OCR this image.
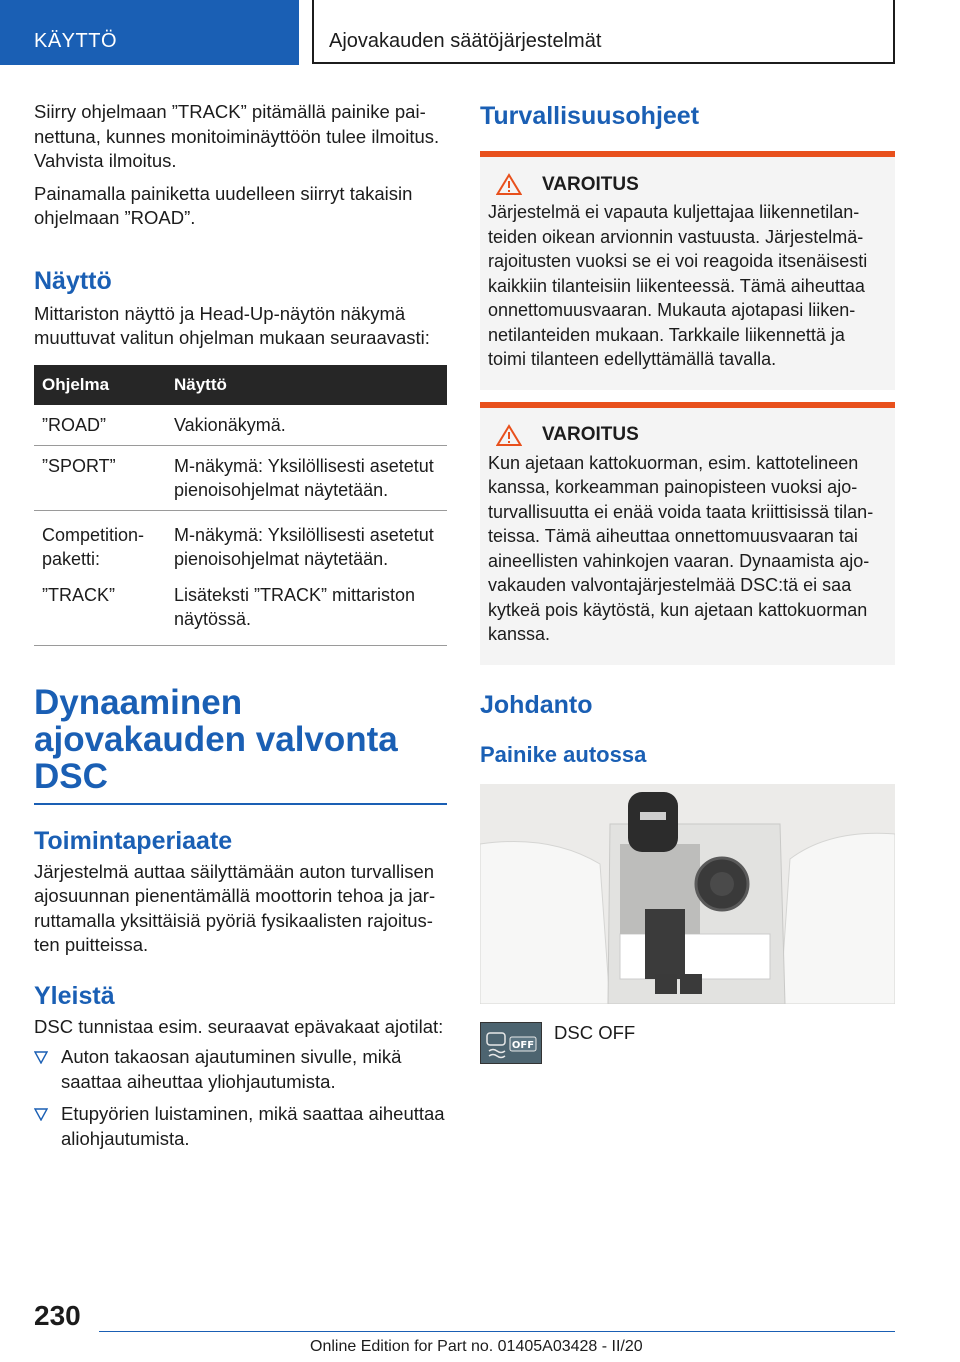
KÄYTTÖ	Ajovakauden säätöjärjestelmät

Siirry ohjelmaan ”TRACK” pitämällä painike painettuna, kunnes monitoiminäyttöön tulee ilmoitus. Vahvista ilmoitus.

Painamalla painiketta uudelleen siirryt takaisin ohjelmaan ”ROAD”.

Näyttö

Mittariston näyttö ja Head-Up-näytön näkymä muuttuvat valitun ohjelman mukaan seuraavasti:

Ohjelma	Näyttö
”ROAD”	Vakionäkymä.
”SPORT”	M-näkymä: Yksilöllisesti asetetut pienoisohjelmat näytetään.
Competition-paketti:	M-näkymä: Yksilöllisesti asetetut pienoisohjelmat näytetään.
”TRACK”	Lisäteksti ”TRACK” mittariston näytössä.
Dynaaminen ajovakauden valvonta DSC
Toimintaperiaate

Järjestelmä auttaa säilyttämään auton turvallisen ajosuunnan pienentämällä moottorin tehoa ja jarruttamalla yksittäisiä pyöriä fysikaalisten rajoitusten puitteissa.

Yleistä

DSC tunnistaa esim. seuraavat epävakaat ajotilat:

Auton takaosan ajautuminen sivulle, mikä saattaa aiheuttaa yliohjautumista.
Etupyörien luistaminen, mikä saattaa aiheuttaa aliohjautumista.
Turvallisuusohjeet
VAROITUS

Järjestelmä ei vapauta kuljettajaa liikennetilanteiden oikean arvionnin vastuusta. Järjestelmärajoitusten vuoksi se ei voi reagoida itsenäisesti kaikkiin tilanteisiin liikenteessä. Tämä aiheuttaa onnettomuusvaaran. Mukauta ajotapasi liikennetilanteiden mukaan. Tarkkaile liikennettä ja toimi tilanteen edellyttämällä tavalla.

VAROITUS

Kun ajetaan kattokuorman, esim. kattotelineen kanssa, korkeamman painopisteen vuoksi ajoturvallisuutta ei enää voida taata kriittisissä tilanteissa. Tämä aiheuttaa onnettomuusvaaran tai aineellisten vahinkojen vaaran. Dynaamista ajovakauden valvontajärjestelmää DSC:tä ei saa kytkeä pois käytöstä, kun ajetaan kattokuorman kanssa.

Johdanto
Painike autossa
OFF
DSC OFF
230
Online Edition for Part no. 01405A03428 - II/20
